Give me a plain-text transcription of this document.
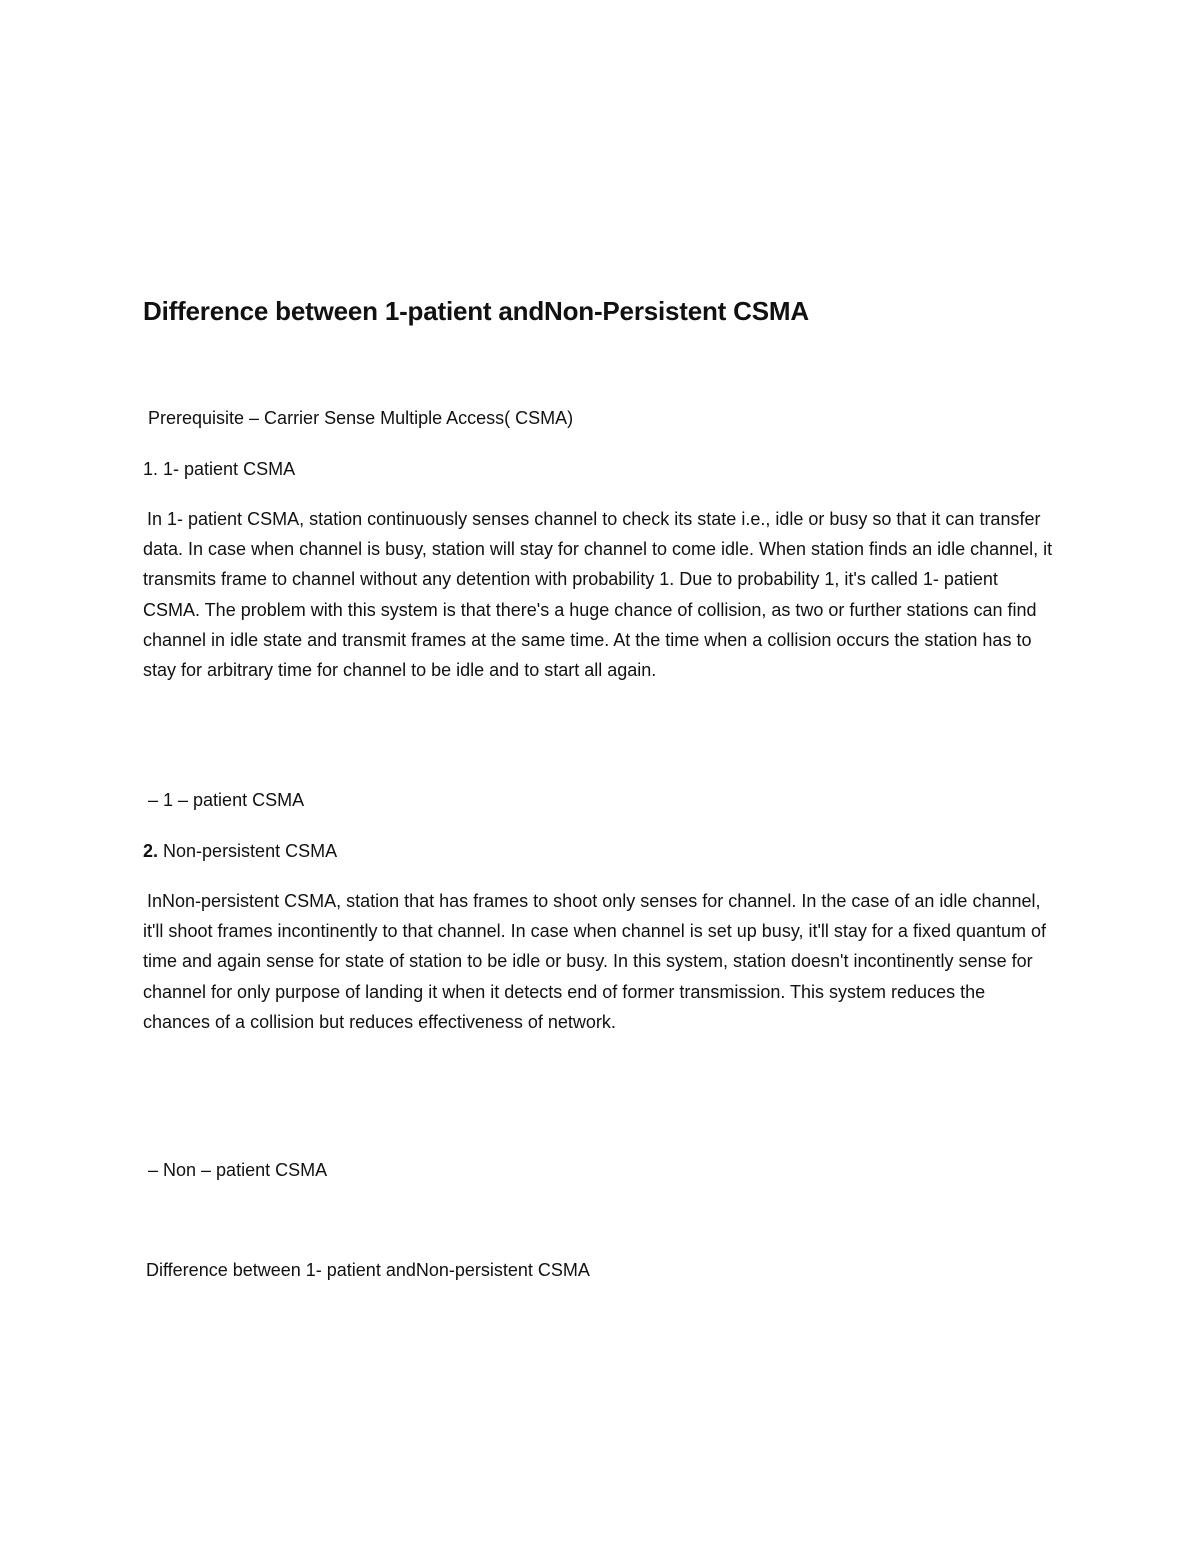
Difference between 1-patient andNon-Persistent CSMA

Prerequisite – Carrier Sense Multiple Access( CSMA)

1. 1- patient CSMA

In 1- patient CSMA, station continuously senses channel to check its state i.e., idle or busy so that it can transfer data. In case when channel is busy, station will stay for channel to come idle. When station finds an idle channel, it transmits frame to channel without any detention with probability 1. Due to probability 1, it's called 1- patient CSMA. The problem with this system is that there's a huge chance of collision, as two or further stations can find channel in idle state and transmit frames at the same time. At the time when a collision occurs the station has to stay for arbitrary time for channel to be idle and to start all again.

– 1 – patient CSMA

2. Non-persistent CSMA

InNon-persistent CSMA, station that has frames to shoot only senses for channel. In the case of an idle channel, it'll shoot frames incontinently to that channel. In case when channel is set up busy, it'll stay for a fixed quantum of time and again sense for state of station to be idle or busy. In this system, station doesn't incontinently sense for channel for only purpose of landing it when it detects end of former transmission. This system reduces the chances of a collision but reduces effectiveness of network.

– Non – patient CSMA

Difference between 1- patient andNon-persistent CSMA
